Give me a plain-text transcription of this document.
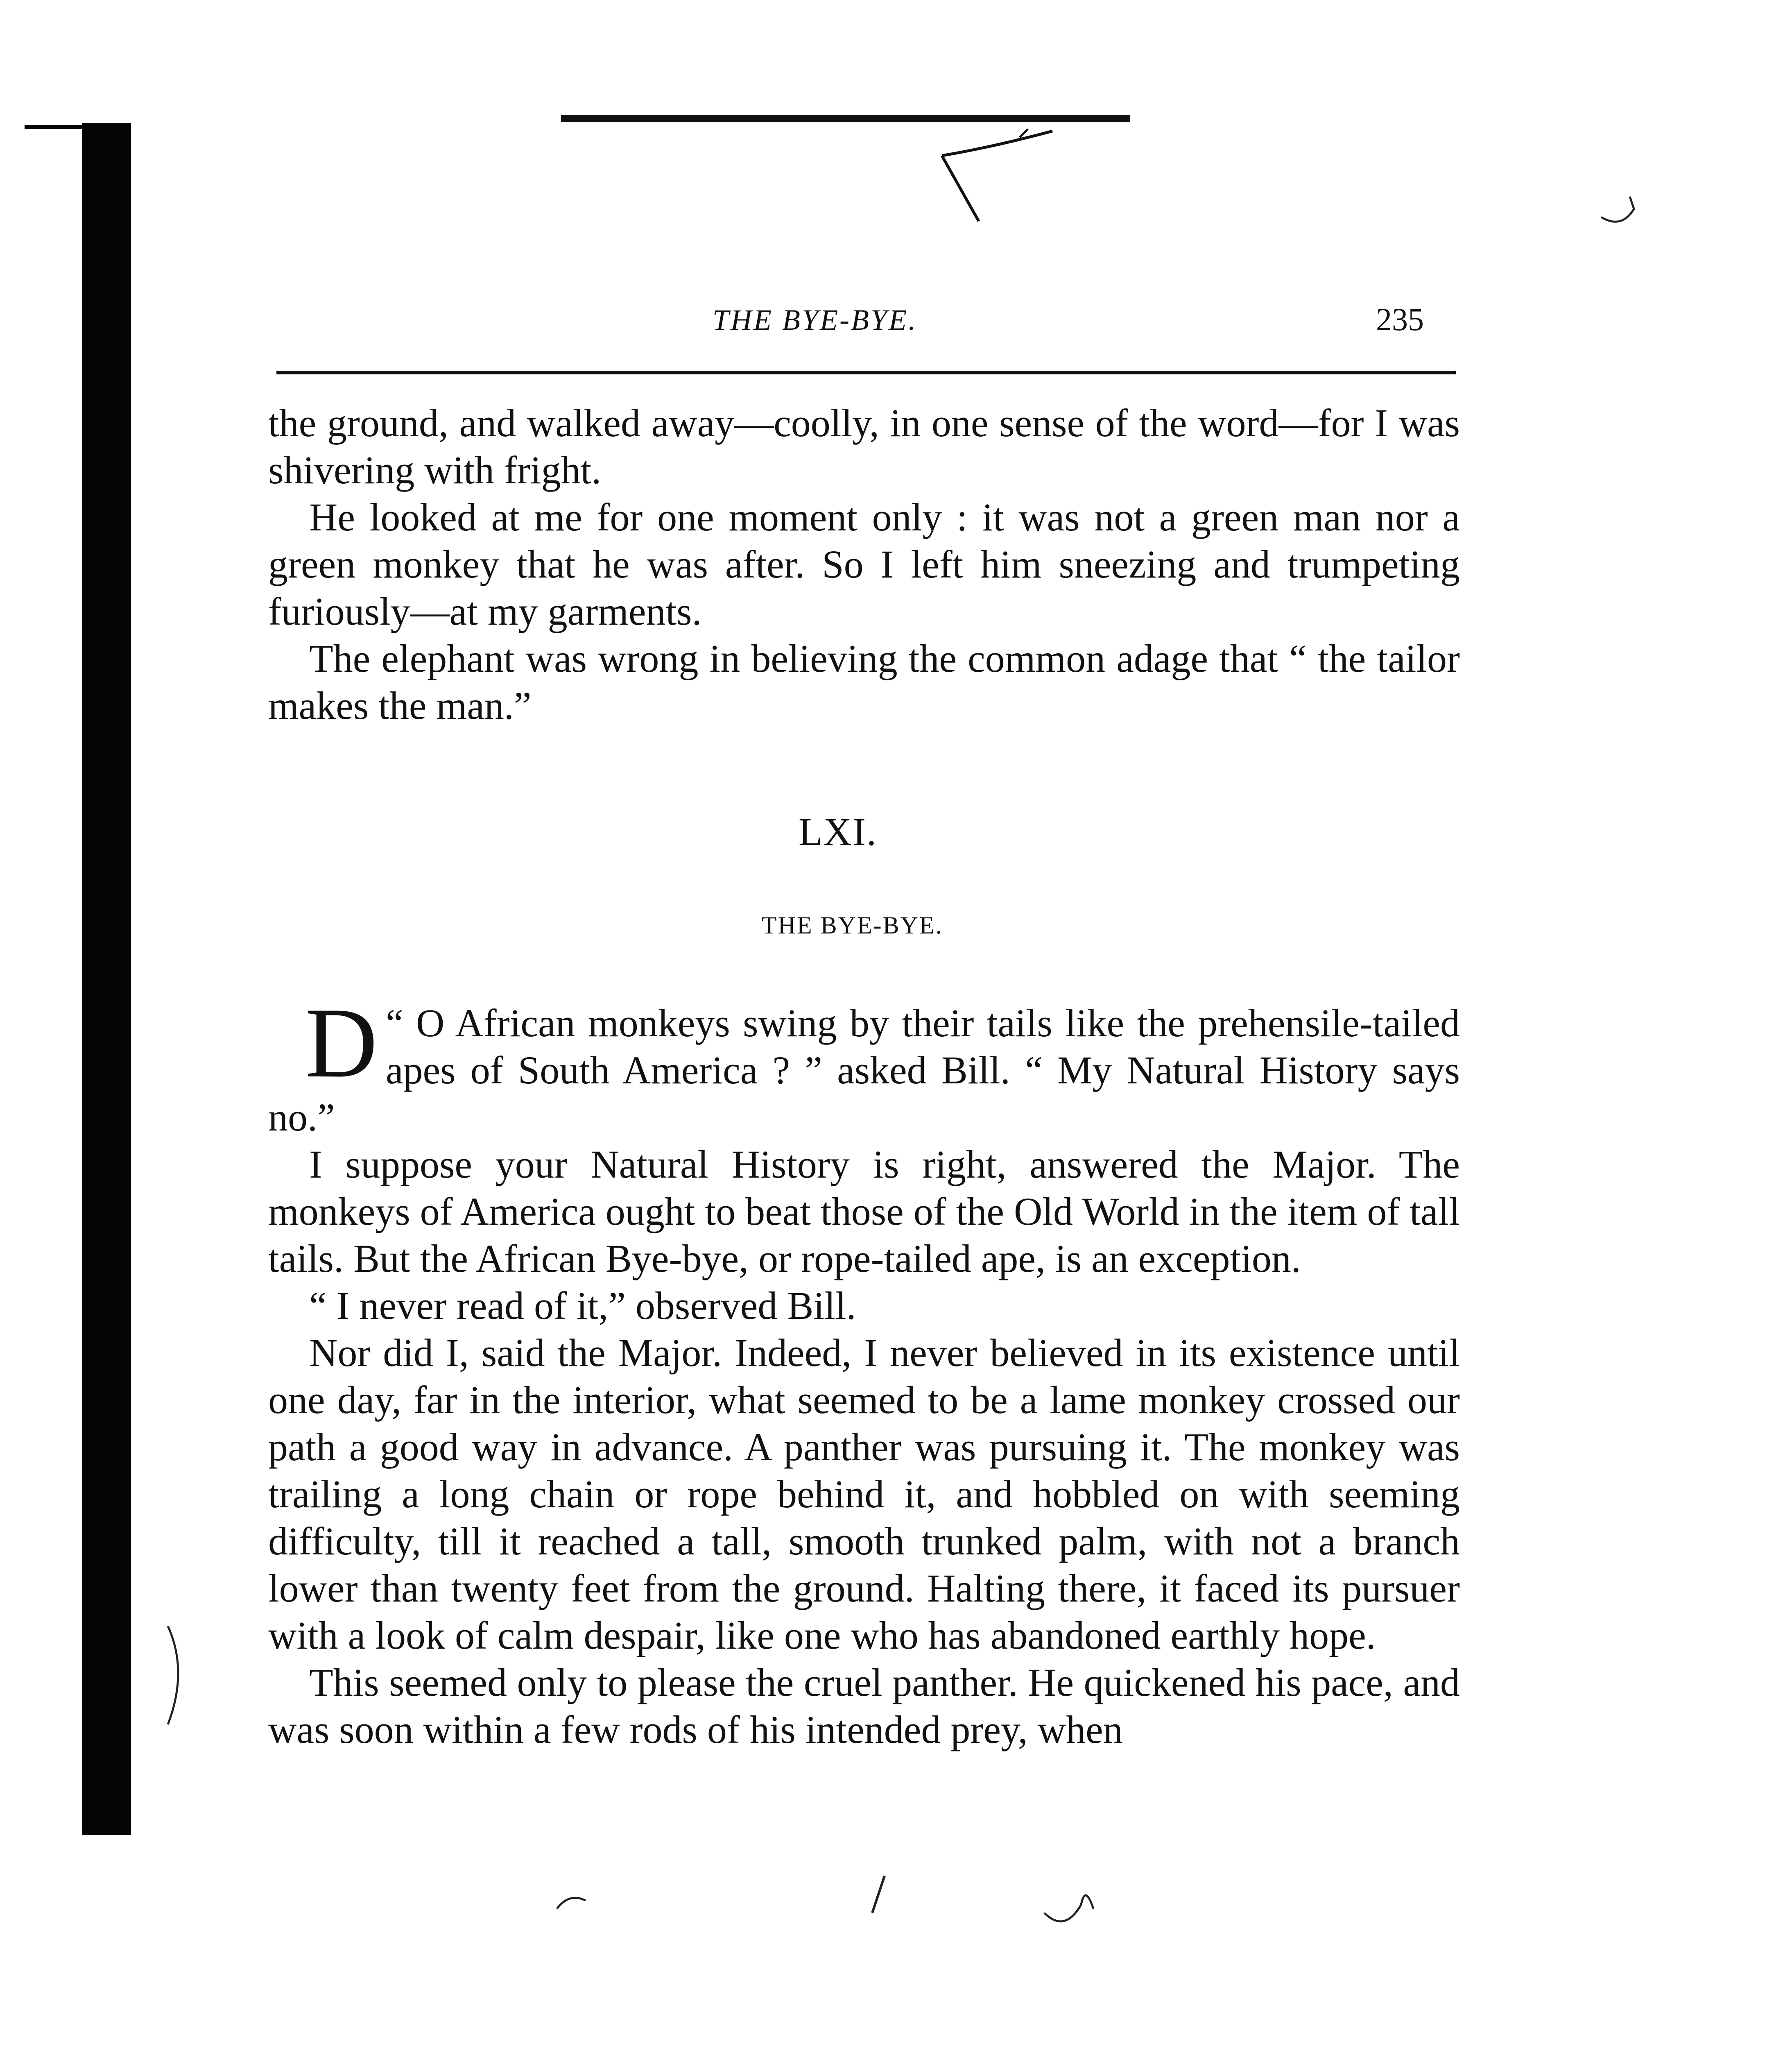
THE BYE-BYE.	235

the ground, and walked away—coolly, in one sense of the word—for I was shivering with fright.

He looked at me for one moment only : it was not a green man nor a green monkey that he was after. So I left him sneezing and trumpeting furiously—at my garments.

The elephant was wrong in believing the common adage that “ the tailor makes the man.”

LXI.
THE BYE-BYE.

D “ O African monkeys swing by their tails like the prehensile-tailed apes of South America ? ” asked Bill. “ My Natural History says no.”

I suppose your Natural History is right, answered the Major. The monkeys of America ought to beat those of the Old World in the item of tall tails. But the African Bye-bye, or rope-tailed ape, is an exception.

“ I never read of it,” observed Bill.

Nor did I, said the Major. Indeed, I never believed in its existence until one day, far in the interior, what seemed to be a lame monkey crossed our path a good way in advance. A panther was pursuing it. The monkey was trailing a long chain or rope behind it, and hobbled on with seeming difficulty, till it reached a tall, smooth trunked palm, with not a branch lower than twenty feet from the ground. Halting there, it faced its pursuer with a look of calm despair, like one who has abandoned earthly hope.

This seemed only to please the cruel panther. He quickened his pace, and was soon within a few rods of his intended prey, when
